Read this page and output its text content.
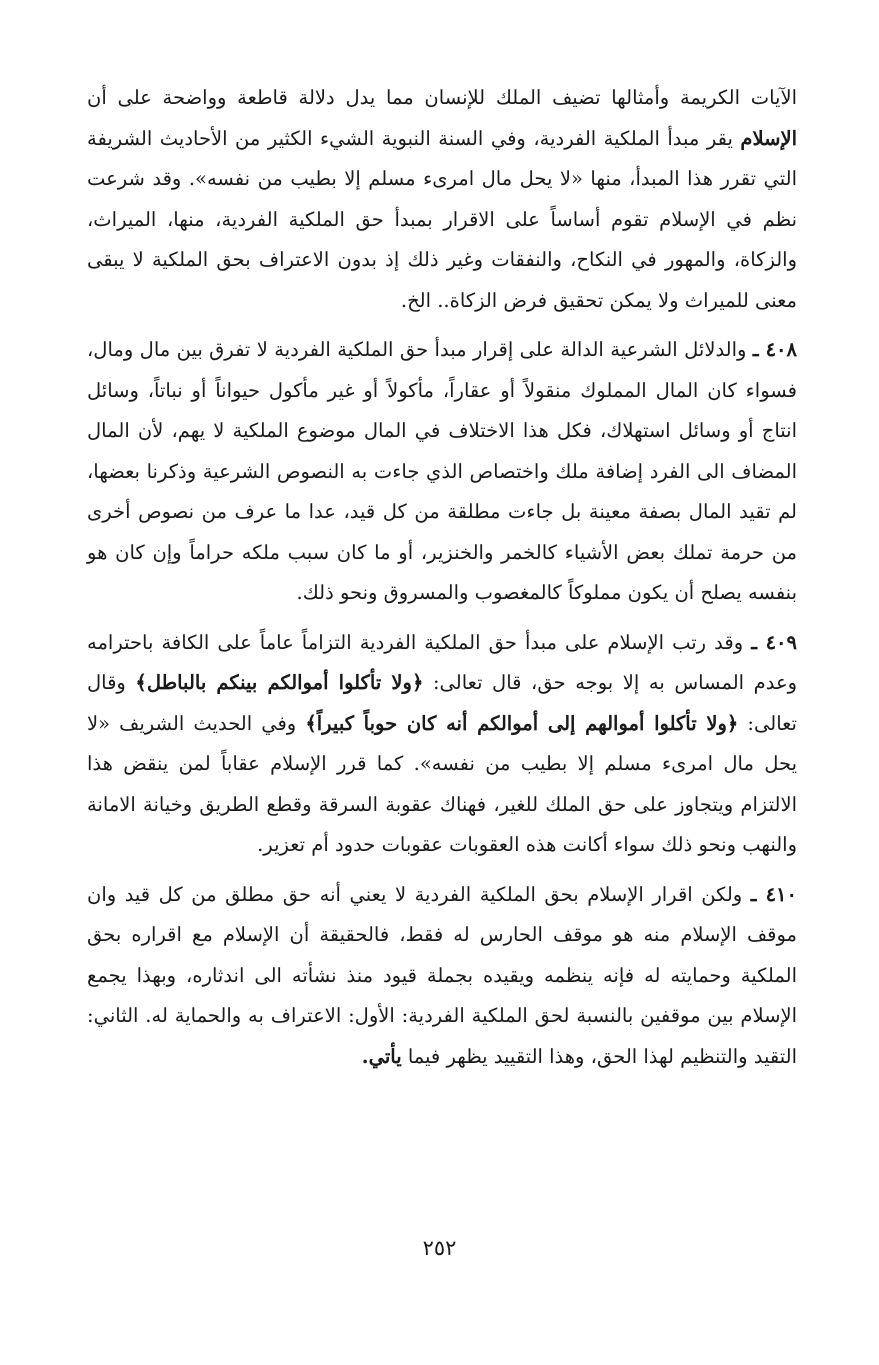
الآيات الكريمة وأمثالها تضيف الملك للإنسان مما يدل دلالة قاطعة وواضحة على أن الإسلام يقر مبدأ الملكية الفردية، وفي السنة النبوية الشيء الكثير من الأحاديث الشريفة التي تقرر هذا المبدأ، منها «لا يحل مال امرىء مسلم إلا بطيب من نفسه». وقد شرعت نظم في الإسلام تقوم أساساً على الاقرار بمبدأ حق الملكية الفردية، منها، الميراث، والزكاة، والمهور في النكاح، والنفقات وغير ذلك إذ بدون الاعتراف بحق الملكية لا يبقى معنى للميراث ولا يمكن تحقيق فرض الزكاة.. الخ.

٤٠٨ ـ والدلائل الشرعية الدالة على إقرار مبدأ حق الملكية الفردية لا تفرق بين مال ومال، فسواء كان المال المملوك منقولاً أو عقاراً، مأكولاً أو غير مأكول حيواناً أو نباتاً، وسائل انتاج أو وسائل استهلاك، فكل هذا الاختلاف في المال موضوع الملكية لا يهم، لأن المال المضاف الى الفرد إضافة ملك واختصاص الذي جاءت به النصوص الشرعية وذكرنا بعضها، لم تقيد المال بصفة معينة بل جاءت مطلقة من كل قيد، عدا ما عرف من نصوص أخرى من حرمة تملك بعض الأشياء كالخمر والخنزير، أو ما كان سبب ملكه حراماً وإن كان هو بنفسه يصلح أن يكون مملوكاً كالمغصوب والمسروق ونحو ذلك.

٤٠٩ ـ وقد رتب الإسلام على مبدأ حق الملكية الفردية التزاماً عاماً على الكافة باحترامه وعدم المساس به إلا بوجه حق، قال تعالى: ﴿ولا تأكلوا أموالكم بينكم بالباطل﴾ وقال تعالى: ﴿ولا تأكلوا أموالهم إلى أموالكم أنه كان حوباً كبيراً﴾ وفي الحديث الشريف «لا يحل مال امرىء مسلم إلا بطيب من نفسه». كما قرر الإسلام عقاباً لمن ينقض هذا الالتزام ويتجاوز على حق الملك للغير، فهناك عقوبة السرقة وقطع الطريق وخيانة الامانة والنهب ونحو ذلك سواء أكانت هذه العقوبات عقوبات حدود أم تعزير.

٤١٠ ـ ولكن اقرار الإسلام بحق الملكية الفردية لا يعني أنه حق مطلق من كل قيد وان موقف الإسلام منه هو موقف الحارس له فقط، فالحقيقة أن الإسلام مع اقراره بحق الملكية وحمايته له فإنه ينظمه ويقيده بجملة قيود منذ نشأته الى اندثاره، وبهذا يجمع الإسلام بين موقفين بالنسبة لحق الملكية الفردية: الأول: الاعتراف به والحماية له. الثاني: التقيد والتنظيم لهذا الحق، وهذا التقييد يظهر فيما يأتي.

٢٥٢
